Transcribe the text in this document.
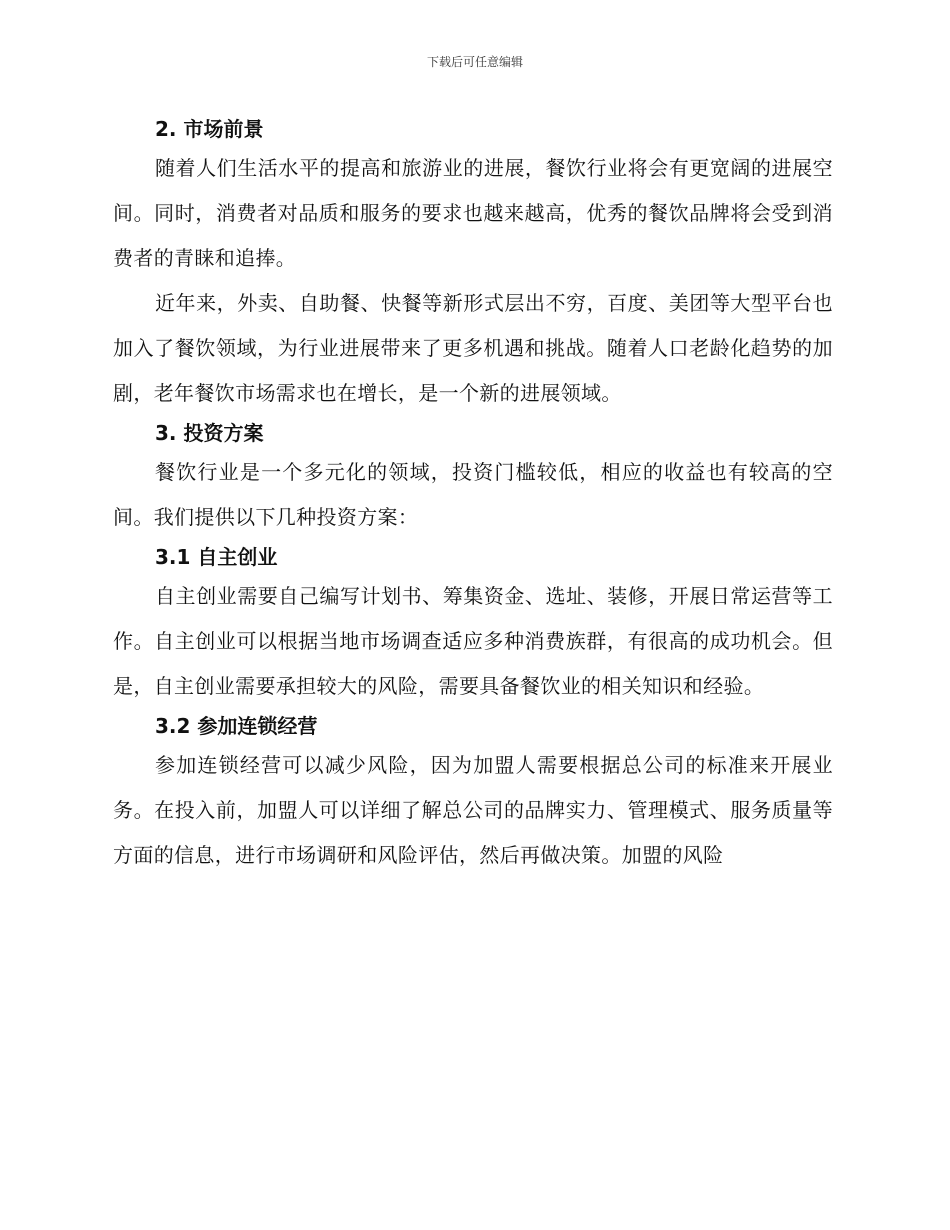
下载后可任意编辑
2. 市场前景

随着人们生活水平的提高和旅游业的进展，餐饮行业将会有更宽阔的进展空间。同时，消费者对品质和服务的要求也越来越高，优秀的餐饮品牌将会受到消费者的青睐和追捧。

近年来，外卖、自助餐、快餐等新形式层出不穷，百度、美团等大型平台也加入了餐饮领域，为行业进展带来了更多机遇和挑战。随着人口老龄化趋势的加剧，老年餐饮市场需求也在增长，是一个新的进展领域。

3. 投资方案

餐饮行业是一个多元化的领域，投资门槛较低，相应的收益也有较高的空间。我们提供以下几种投资方案：

3.1 自主创业

自主创业需要自己编写计划书、筹集资金、选址、装修，开展日常运营等工作。自主创业可以根据当地市场调查适应多种消费族群，有很高的成功机会。但是，自主创业需要承担较大的风险，需要具备餐饮业的相关知识和经验。

3.2 参加连锁经营

参加连锁经营可以减少风险，因为加盟人需要根据总公司的标准来开展业务。在投入前，加盟人可以详细了解总公司的品牌实力、管理模式、服务质量等方面的信息，进行市场调研和风险评估，然后再做决策。加盟的风险
